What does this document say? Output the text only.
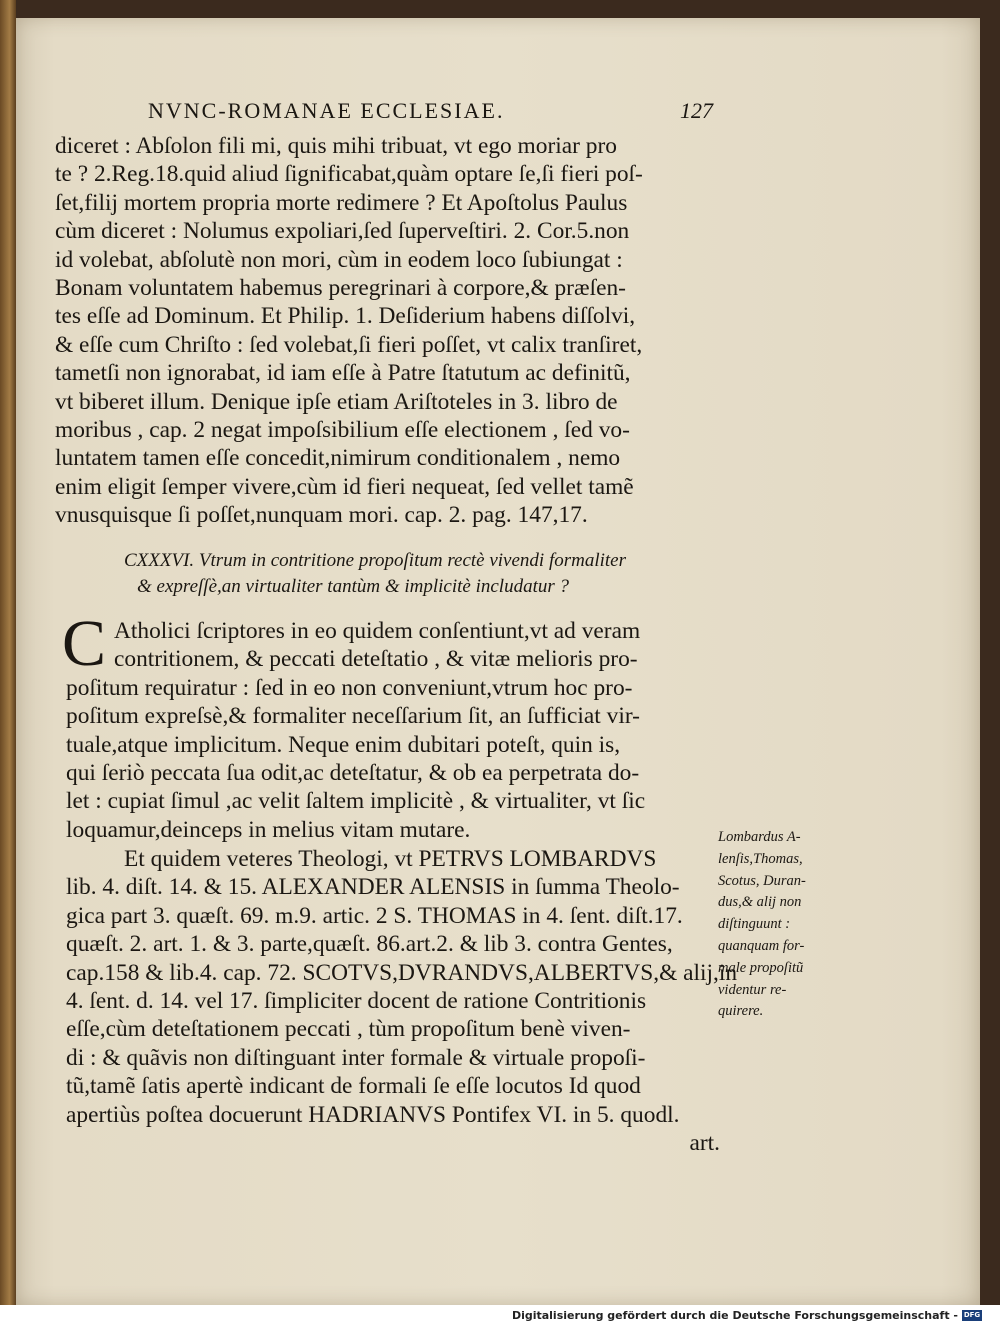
NVNC-ROMANAE ECCLESIAE.	127
diceret : Abſolon fili mi, quis mihi tribuat, vt ego moriar pro
te ? 2.Reg.18.quid aliud ſignificabat,quàm optare ſe,ſi fieri poſ-
ſet,filij mortem propria morte redimere ? Et Apoſtolus Paulus
cùm diceret : Nolumus expoliari,ſed ſuperveſtiri. 2. Cor.5.non
id volebat, abſolutè non mori, cùm in eodem loco ſubiungat :
Bonam voluntatem habemus peregrinari à corpore,& præſen-
tes eſſe ad Dominum. Et Philip. 1. Deſiderium habens diſſolvi,
& eſſe cum Chriſto : ſed volebat,ſi fieri poſſet, vt calix tranſiret,
tametſi non ignorabat, id iam eſſe à Patre ſtatutum ac definitũ,
vt biberet illum. Denique ipſe etiam Ariſtoteles in 3. libro de
moribus , cap. 2 negat impoſsibilium eſſe electionem , ſed vo-
luntatem tamen eſſe concedit,nimirum conditionalem , nemo
enim eligit ſemper vivere,cùm id fieri nequeat, ſed vellet tamẽ
vnusquisque ſi poſſet,nunquam mori. cap. 2. pag. 147,17.
CXXXVI. Vtrum in contritione propoſitum rectè vivendi formaliter
& expreſſè,an virtualiter tantùm & implicitè includatur ?
C Atholici ſcriptores in eo quidem conſentiunt,vt ad veram
contritionem, & peccati deteſtatio , & vitæ melioris pro-
poſitum requiratur : ſed in eo non conveniunt,vtrum hoc pro-
poſitum expreſsè,& formaliter neceſſarium ſit, an ſufficiat vir-
tuale,atque implicitum. Neque enim dubitari poteſt, quin is,
qui ſeriò peccata ſua odit,ac deteſtatur, & ob ea perpetrata do-
let : cupiat ſimul ,ac velit ſaltem implicitè , & virtualiter, vt ſic
loquamur,deinceps in melius vitam mutare.
Et quidem veteres Theologi, vt PETRVS LOMBARDVS
lib. 4. diſt. 14. & 15. ALEXANDER ALENSIS in ſumma Theolo-
gica part 3. quæſt. 69. m.9. artic. 2 S. THOMAS in 4. ſent. diſt.17.
quæſt. 2. art. 1. & 3. parte,quæſt. 86.art.2. & lib 3. contra Gentes,
cap.158 & lib.4. cap. 72. SCOTVS,DVRANDVS,ALBERTVS,& alij,in
4. ſent. d. 14. vel 17. ſimpliciter docent de ratione Contritionis
eſſe,cùm deteſtationem peccati , tùm propoſitum benè viven-
di : & quãvis non diſtinguant inter formale & virtuale propoſi-
tũ,tamẽ ſatis apertè indicant de formali ſe eſſe locutos Id quod
apertiùs poſtea docuerunt HADRIANVS Pontifex VI. in 5. quodl.
art.
Lombardus A-
lenſis,Thomas,
Scotus, Duran-
dus,& alij non
diſtinguunt :
quanquam for-
male propoſitũ
videntur re-
quirere.
Digitalisierung gefördert durch die Deutsche Forschungsgemeinschaft - DFG
